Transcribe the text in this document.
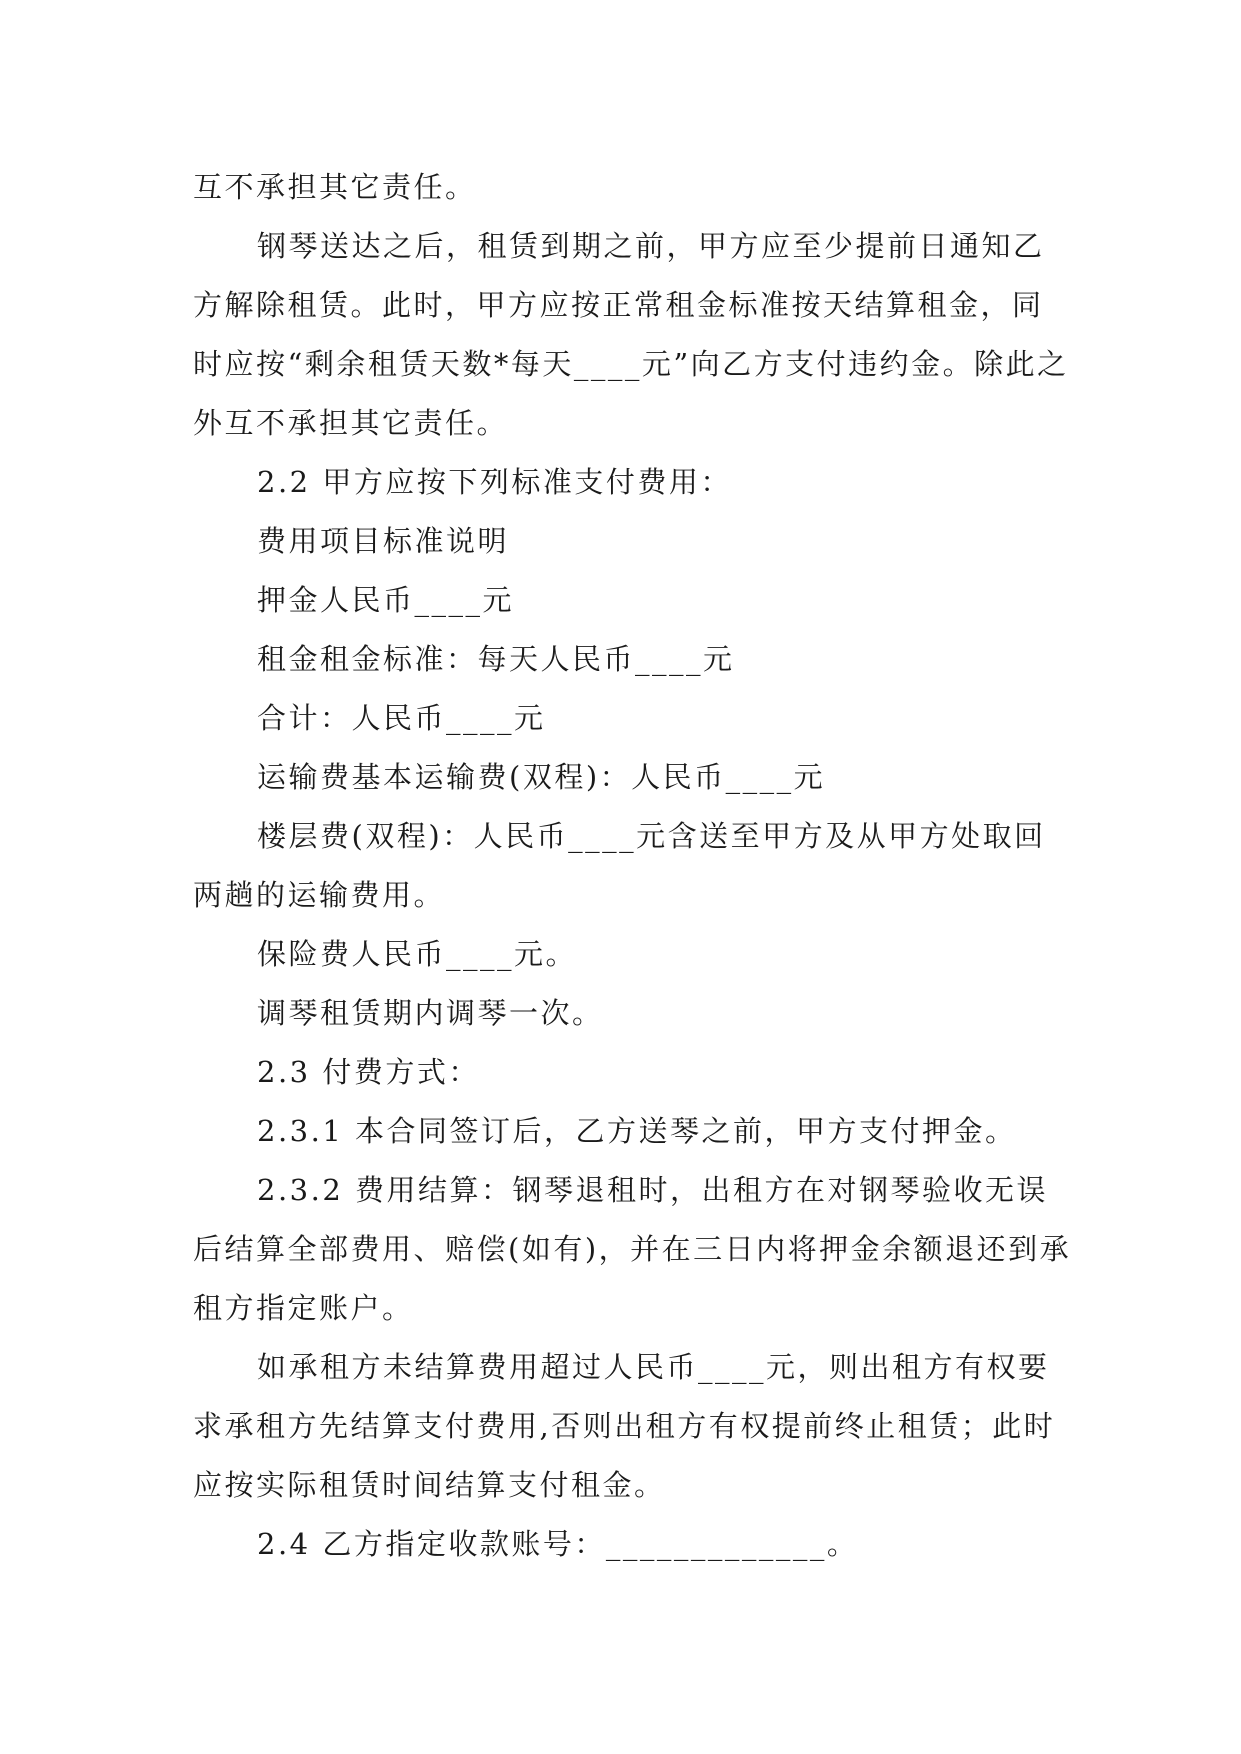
互不承担其它责任。

钢琴送达之后，租赁到期之前，甲方应至少提前日通知乙方解除租赁。此时，甲方应按正常租金标准按天结算租金，同时应按“剩余租赁天数*每天____元”向乙方支付违约金。除此之外互不承担其它责任。

2.2 甲方应按下列标准支付费用：

费用项目标准说明

押金人民币____元

租金租金标准：每天人民币____元

合计：人民币____元

运输费基本运输费(双程)：人民币____元

楼层费(双程)：人民币____元含送至甲方及从甲方处取回两趟的运输费用。

保险费人民币____元。

调琴租赁期内调琴一次。

2.3 付费方式：

2.3.1 本合同签订后，乙方送琴之前，甲方支付押金。

2.3.2 费用结算：钢琴退租时，出租方在对钢琴验收无误后结算全部费用、赔偿(如有)，并在三日内将押金余额退还到承租方指定账户。

如承租方未结算费用超过人民币____元，则出租方有权要求承租方先结算支付费用,否则出租方有权提前终止租赁；此时应按实际租赁时间结算支付租金。

2.4 乙方指定收款账号：_____________。
